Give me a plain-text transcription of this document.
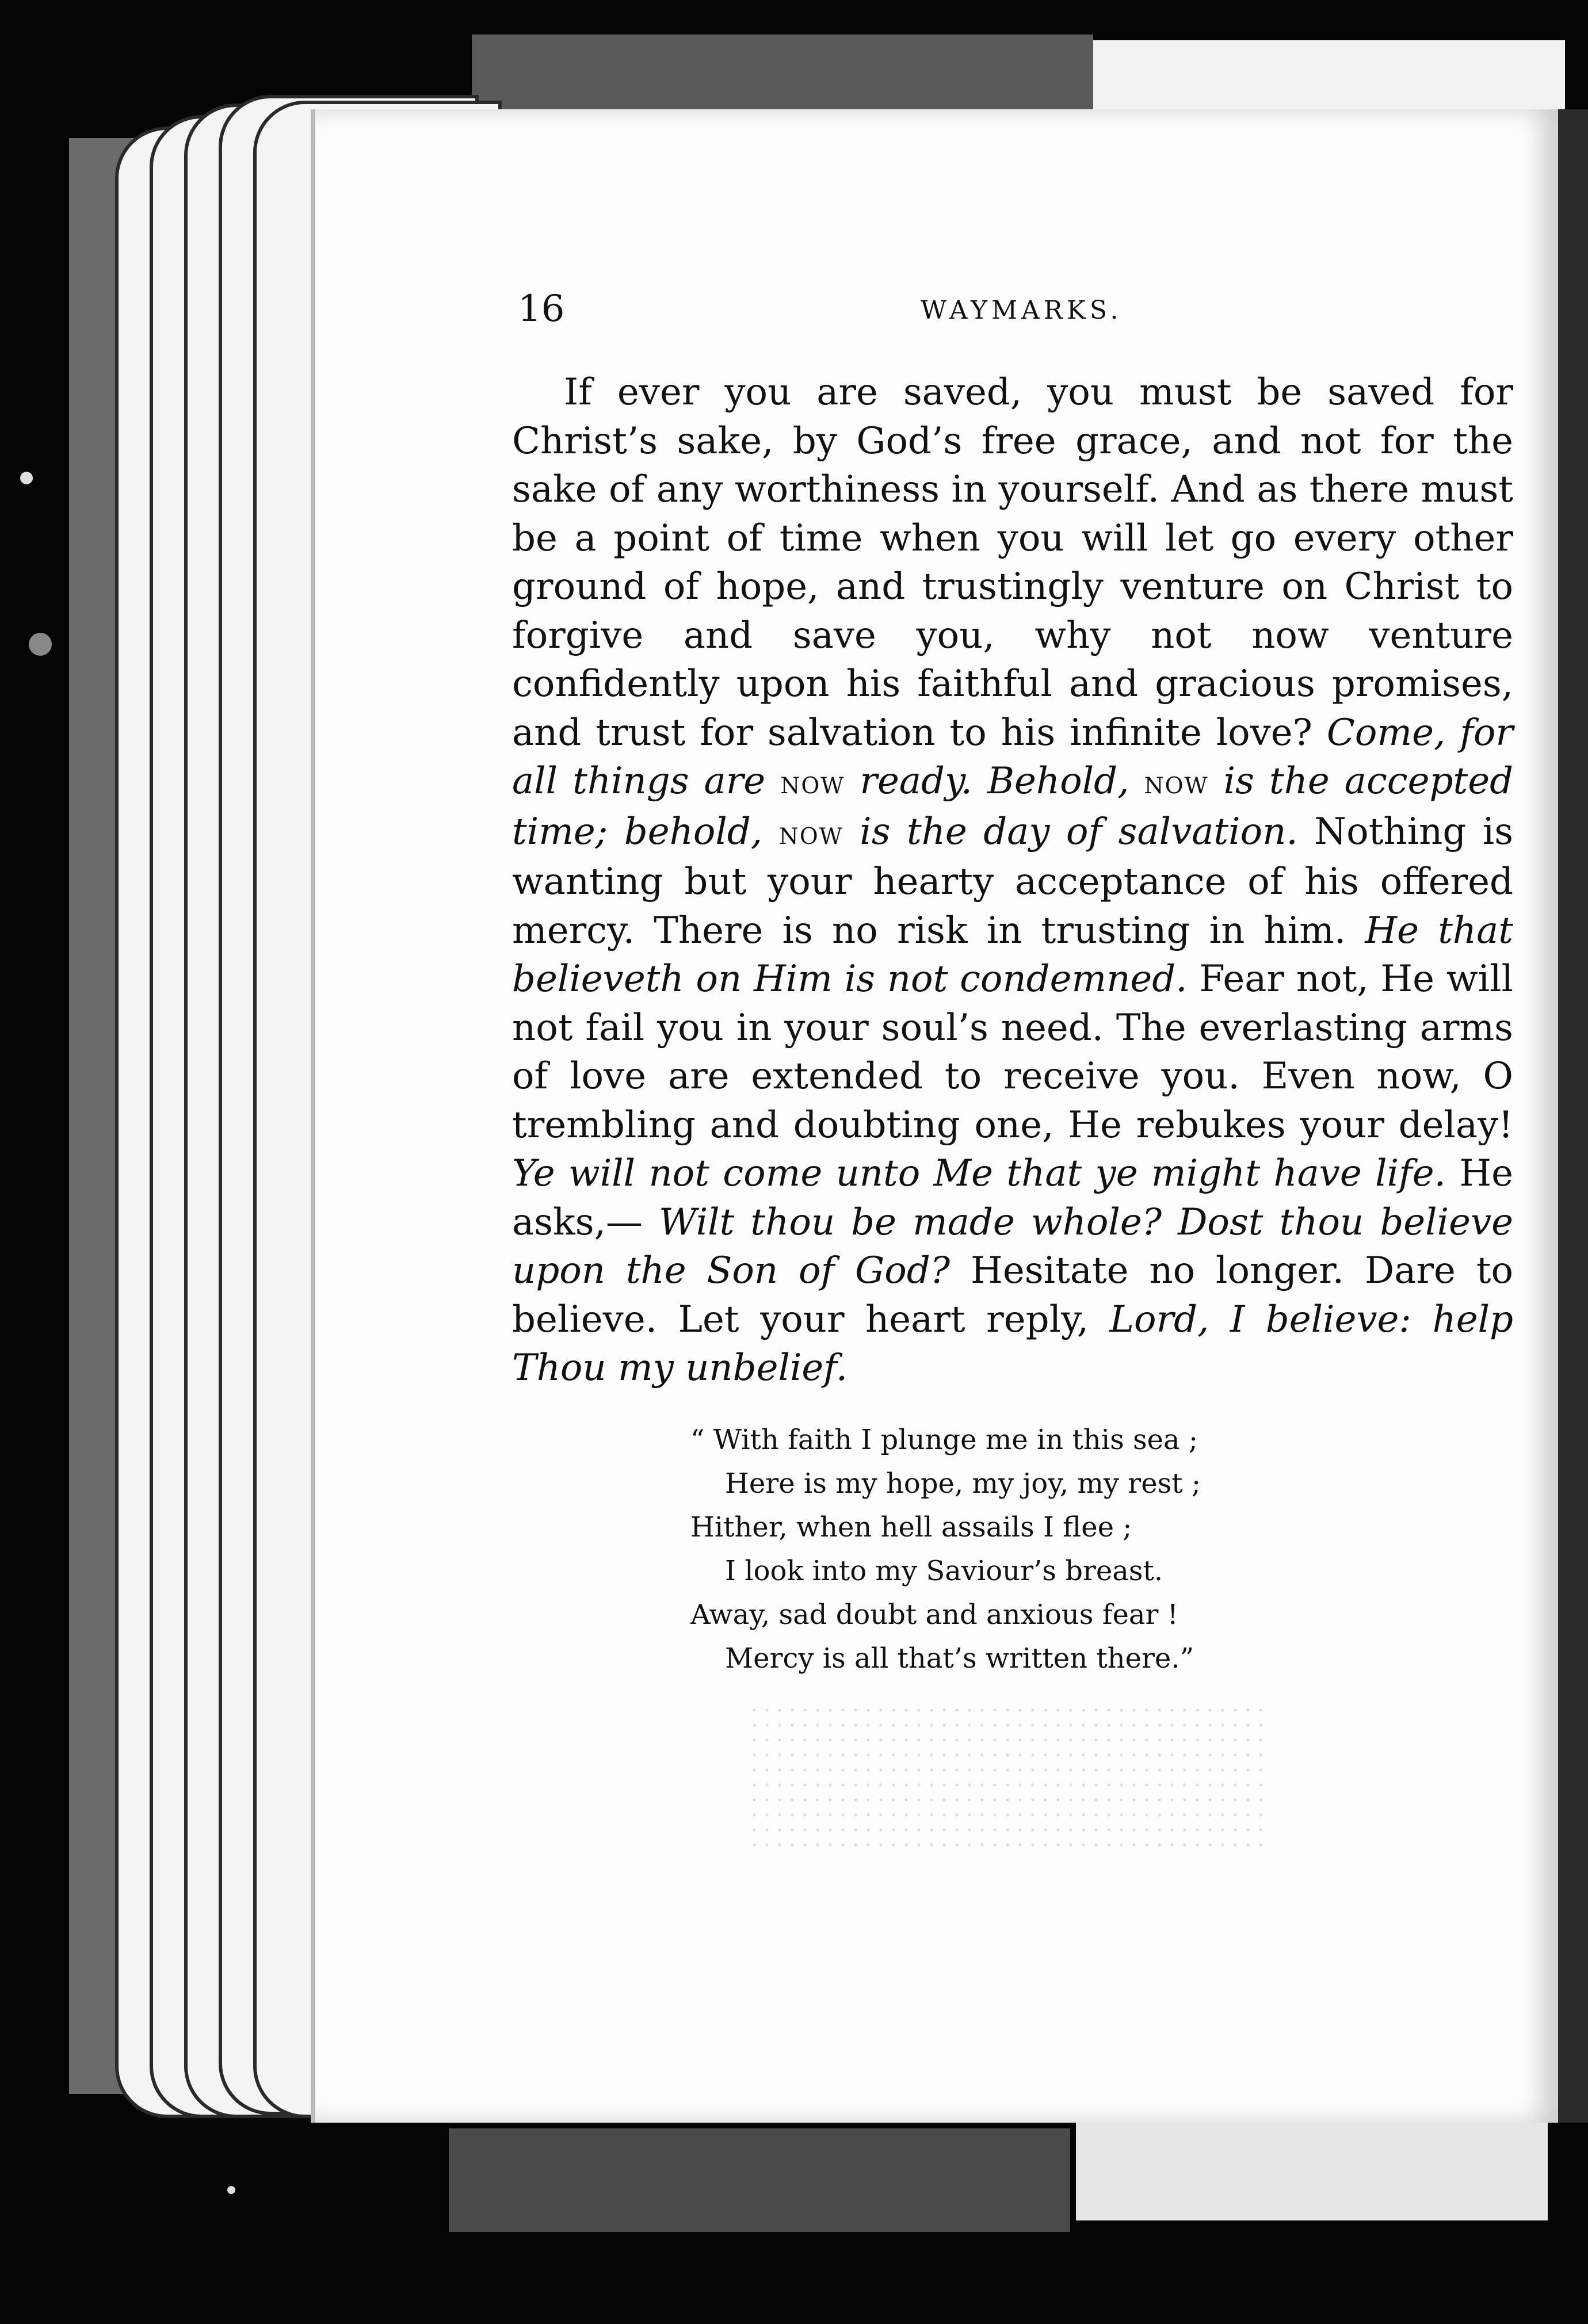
16	WAYMARKS.

If ever you are saved, you must be saved for Christ’s sake, by God’s free grace, and not for the sake of any worthiness in yourself. And as there must be a point of time when you will let go every other ground of hope, and trustingly venture on Christ to forgive and save you, why not now venture confidently upon his faithful and gracious promises, and trust for salvation to his infinite love? Come, for all things are now ready. Behold, now is the accepted time; behold, now is the day of salvation. Nothing is wanting but your hearty acceptance of his offered mercy. There is no risk in trusting in him. He that believeth on Him is not condemned. Fear not, He will not fail you in your soul’s need. The everlasting arms of love are extended to receive you. Even now, O trembling and doubting one, He rebukes your delay! Ye will not come unto Me that ye might have life. He asks,— Wilt thou be made whole? Dost thou believe upon the Son of God? Hesitate no longer. Dare to believe. Let your heart reply, Lord, I believe: help Thou my unbelief.

“ With faith I plunge me in this sea ;
Here is my hope, my joy, my rest ;
Hither, when hell assails I flee ;
I look into my Saviour’s breast.
Away, sad doubt and anxious fear !
Mercy is all that’s written there.”
